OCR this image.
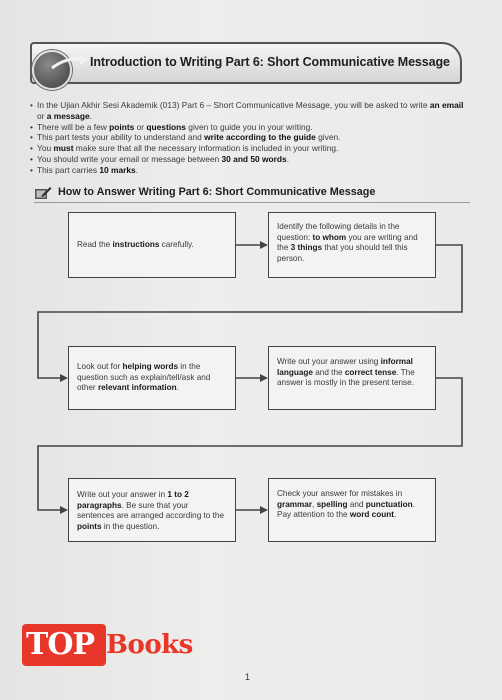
Introduction to Writing Part 6: Short Communicative Message
• In the Ujian Akhir Sesi Akademik (013) Part 6 – Short Communicative Message, you will be asked to write an email or a message.
• There will be a few points or questions given to guide you in your writing.
• This part tests your ability to understand and write according to the guide given.
• You must make sure that all the necessary information is included in your writing.
• You should write your email or message between 30 and 50 words.
• This part carries 10 marks.
How to Answer Writing Part 6: Short Communicative Message
Read the instructions carefully.
Identify the following details in the question: to whom you are writing and the 3 things that you should tell this person.
Look out for helping words in the question such as explain/tell/ask and other relevant information.
Write out your answer using informal language and the correct tense. The answer is mostly in the present tense.
Write out your answer in 1 to 2 paragraphs. Be sure that your sentences are arranged according to the points in the question.
Check your answer for mistakes in grammar, spelling and punctuation. Pay attention to the word count.
TOP Books
1
